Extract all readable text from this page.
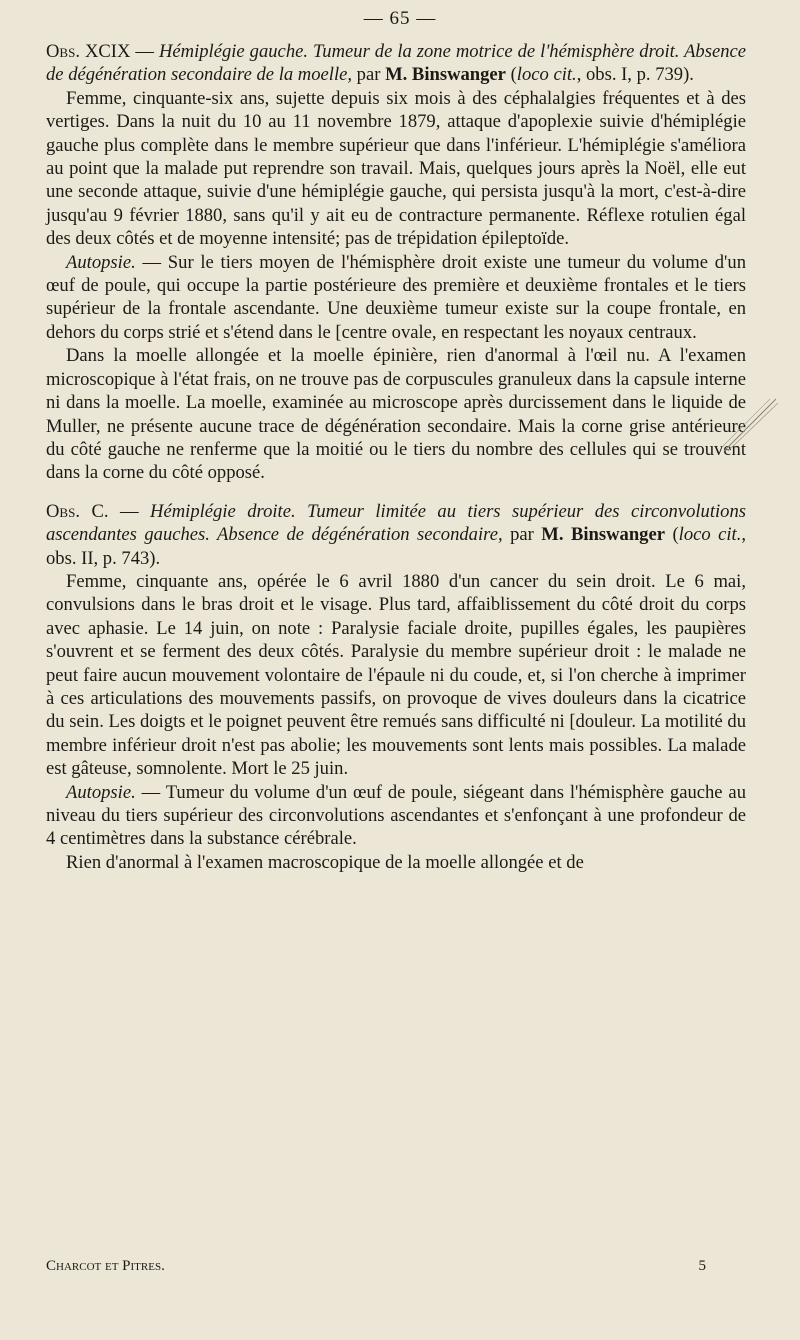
— 65 —

Obs. XCIX — Hémiplégie gauche. Tumeur de la zone motrice de l'hémisphère droit. Absence de dégénération secondaire de la moelle, par M. Binswanger (loco cit., obs. I, p. 739).

Femme, cinquante-six ans, sujette depuis six mois à des céphalalgies fréquentes et à des vertiges. Dans la nuit du 10 au 11 novembre 1879, attaque d'apoplexie suivie d'hémiplégie gauche plus complète dans le membre supérieur que dans l'inférieur. L'hémiplégie s'améliora au point que la malade put reprendre son travail. Mais, quelques jours après la Noël, elle eut une seconde attaque, suivie d'une hémiplégie gauche, qui persista jusqu'à la mort, c'est-à-dire jusqu'au 9 février 1880, sans qu'il y ait eu de contracture permanente. Réflexe rotulien égal des deux côtés et de moyenne intensité; pas de trépidation épileptoïde.

Autopsie. — Sur le tiers moyen de l'hémisphère droit existe une tumeur du volume d'un œuf de poule, qui occupe la partie postérieure des première et deuxième frontales et le tiers supérieur de la frontale ascendante. Une deuxième tumeur existe sur la coupe frontale, en dehors du corps strié et s'étend dans le [centre ovale, en respectant les noyaux centraux.

Dans la moelle allongée et la moelle épinière, rien d'anormal à l'œil nu. A l'examen microscopique à l'état frais, on ne trouve pas de corpuscules granuleux dans la capsule interne ni dans la moelle. La moelle, examinée au microscope après durcissement dans le liquide de Muller, ne présente aucune trace de dégénération secondaire. Mais la corne grise antérieure du côté gauche ne renferme que la moitié ou le tiers du nombre des cellules qui se trouvent dans la corne du côté opposé.

Obs. C. — Hémiplégie droite. Tumeur limitée au tiers supérieur des circonvolutions ascendantes gauches. Absence de dégénération secondaire, par M. Binswanger (loco cit., obs. II, p. 743).

Femme, cinquante ans, opérée le 6 avril 1880 d'un cancer du sein droit. Le 6 mai, convulsions dans le bras droit et le visage. Plus tard, affaiblissement du côté droit du corps avec aphasie. Le 14 juin, on note : Paralysie faciale droite, pupilles égales, les paupières s'ouvrent et se ferment des deux côtés. Paralysie du membre supérieur droit : le malade ne peut faire aucun mouvement volontaire de l'épaule ni du coude, et, si l'on cherche à imprimer à ces articulations des mouvements passifs, on provoque de vives douleurs dans la cicatrice du sein. Les doigts et le poignet peuvent être remués sans difficulté ni [douleur. La motilité du membre inférieur droit n'est pas abolie; les mouvements sont lents mais possibles. La malade est gâteuse, somnolente. Mort le 25 juin.

Autopsie. — Tumeur du volume d'un œuf de poule, siégeant dans l'hémisphère gauche au niveau du tiers supérieur des circonvolutions ascendantes et s'enfonçant à une profondeur de 4 centimètres dans la substance cérébrale.

Rien d'anormal à l'examen macroscopique de la moelle allongée et de

Charcot et Pitres.	5
